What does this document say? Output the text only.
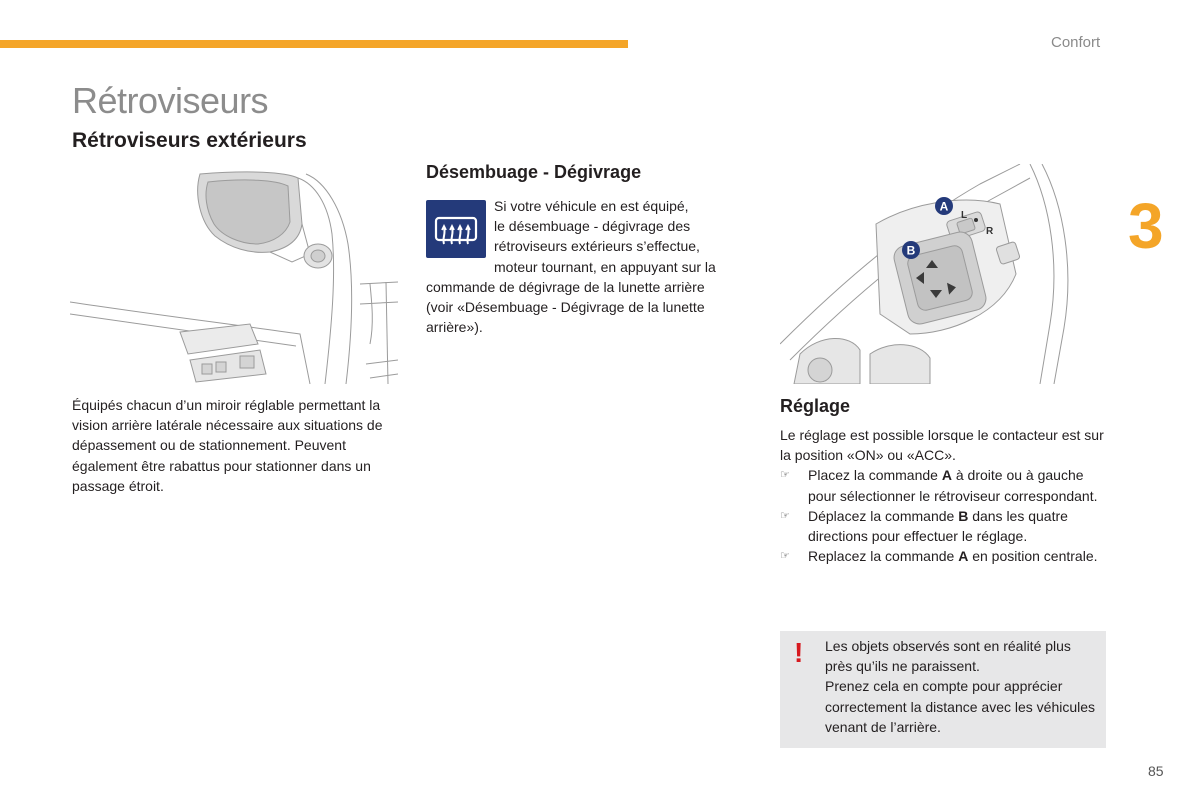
Confort
3
Rétroviseurs
Rétroviseurs extérieurs
Équipés chacun d’un miroir réglable permettant la vision arrière latérale nécessaire aux situations de dépassement ou de stationnement. Peuvent également être rabattus pour stationner dans un passage étroit.
Désembuage - Dégivrage
Si votre véhicule en est équipé,
le désembuage - dégivrage des
rétroviseurs extérieurs s’effectue,
moteur tournant, en appuyant sur la
commande de dégivrage de la lunette arrière
(voir «Désembuage - Dégivrage de la lunette
arrière»).
A
B
L
R
Réglage
Le réglage est possible lorsque le contacteur est sur la position «ON» ou «ACC».
☞ Placez la commande A à droite ou à gauche pour sélectionner le rétroviseur correspondant.
☞ Déplacez la commande B dans les quatre directions pour effectuer le réglage.
☞ Replacez la commande A en position centrale.
! Les objets observés sont en réalité plus près qu’ils ne paraissent.
Prenez cela en compte pour apprécier correctement la distance avec les véhicules venant de l’arrière.
85
